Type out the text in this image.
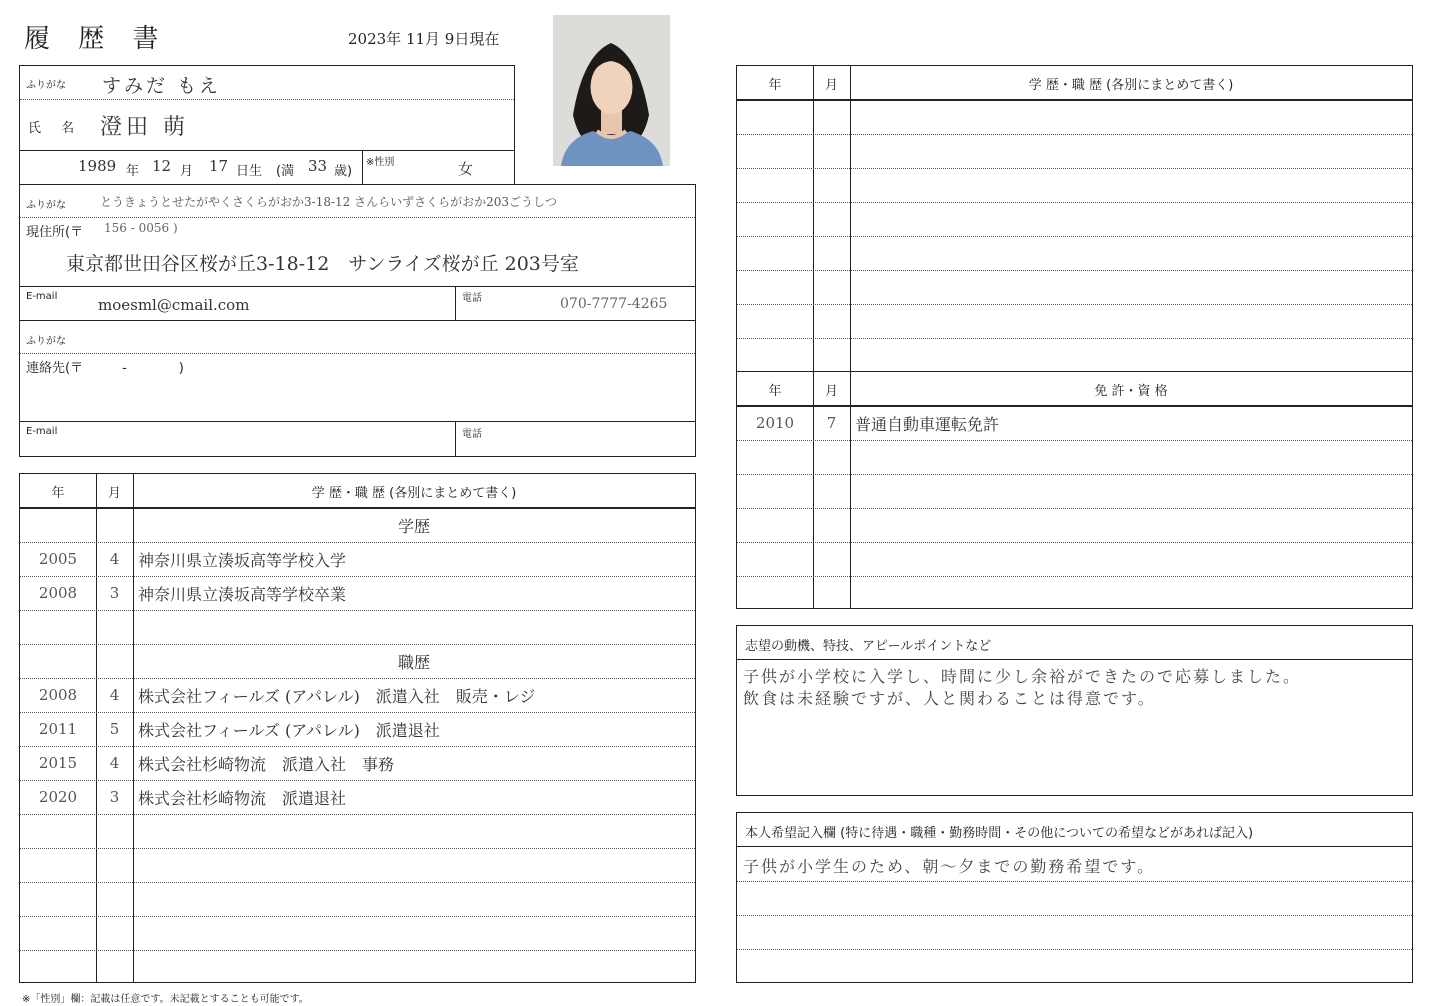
履 歴 書	2023年 11月 9日現在
ふりがな すみだ もえ
氏 名 澄田 萌
1989 年 12 月 17 日生 (満 33 歳)
※性別	女
ふりがな	とうきょうとせたがやくさくらがおか3-18-12 さんらいずさくらがおか203ごうしつ
現住所(〒 156 - 0056 )
東京都世田谷区桜が丘3-18-12　サンライズ桜が丘 203号室
E-mail	moesml@cmail.com	電話	070-7777-4265
ふりがな
連絡先(〒　　　-　　　　)
E-mail	電話
年	月	学 歴・職 歴 (各別にまとめて書く)
学歴
2005	4	神奈川県立湊坂高等学校入学
2008	3	神奈川県立湊坂高等学校卒業
職歴
2008	4	株式会社フィールズ (アパレル)　派遣入社　販売・レジ
2011	5	株式会社フィールズ (アパレル)　派遣退社
2015	4	株式会社杉崎物流　派遣入社　事務
2020	3	株式会社杉崎物流　派遣退社
年	月	学 歴・職 歴 (各別にまとめて書く)
年	月	免 許・資 格
2010	7	普通自動車運転免許
志望の動機、特技、アピールポイントなど
子供が小学校に入学し、時間に少し余裕ができたので応募しました。
飲食は未経験ですが、人と関わることは得意です。
本人希望記入欄 (特に待遇・職種・勤務時間・その他についての希望などがあれば記入)
子供が小学生のため、朝〜夕までの勤務希望です。
※「性別」欄：記載は任意です。未記載とすることも可能です。
